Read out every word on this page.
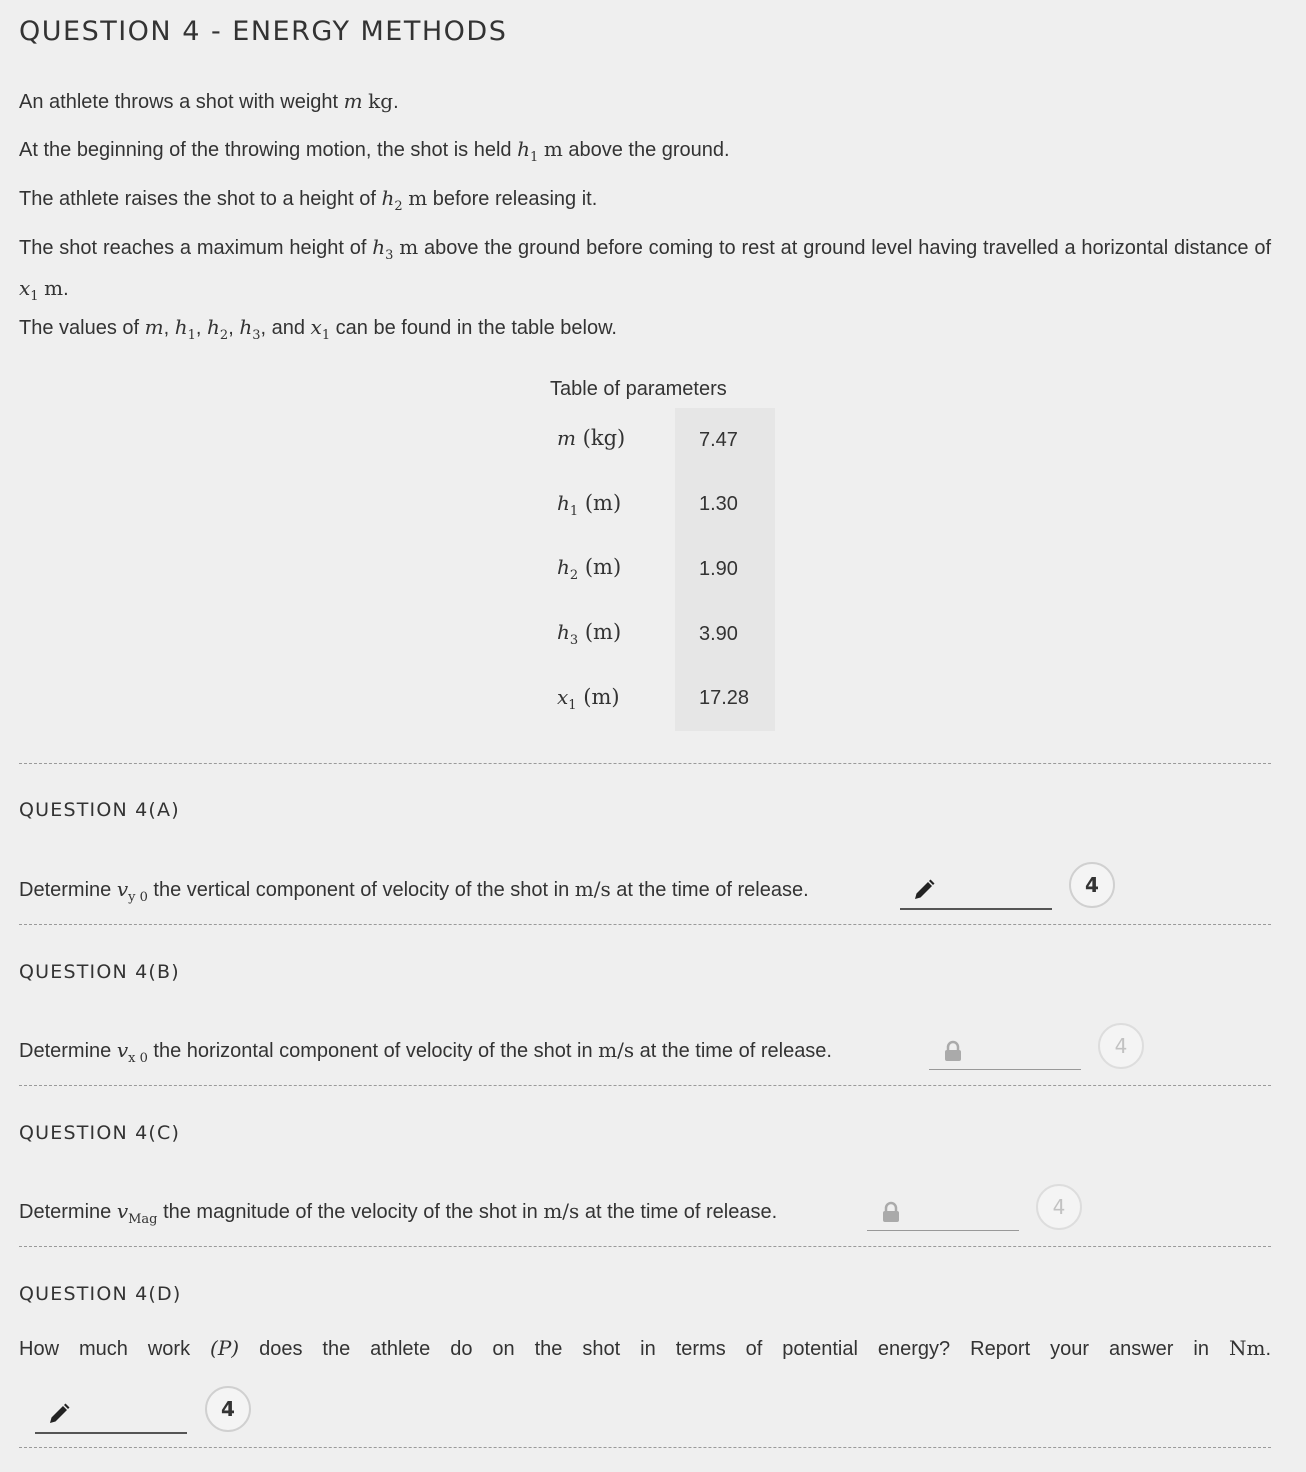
QUESTION 4 - ENERGY METHODS

An athlete throws a shot with weight m kg.

At the beginning of the throwing motion, the shot is held $h_1$ m above the ground.

The athlete raises the shot to a height of $h_2$ m before releasing it.

The shot reaches a maximum height of $h_3$ m above the ground before coming to rest at ground level having travelled a horizontal distance of $x_1$ m.

The values of m, $h_1$, $h_2$, $h_3$, and $x_1$ can be found in the table below.

Table of parameters
m (kg)	7.47
$h_1$ (m)	1.30
$h_2$ (m)	1.90
$h_3$ (m)	3.90
$x_1$ (m)	17.28
QUESTION 4(A)

Determine $v_{y 0}$ the vertical component of velocity of the shot in m/s at the time of release.	4
QUESTION 4(B)

Determine $v_{x 0}$ the horizontal component of velocity of the shot in m/s at the time of release.	4
QUESTION 4(C)

Determine $v_{Mag}$ the magnitude of the velocity of the shot in m/s at the time of release.	4
QUESTION 4(D)

How much work (P) does the athlete do on the shot in terms of potential energy? Report your answer in Nm.

4
